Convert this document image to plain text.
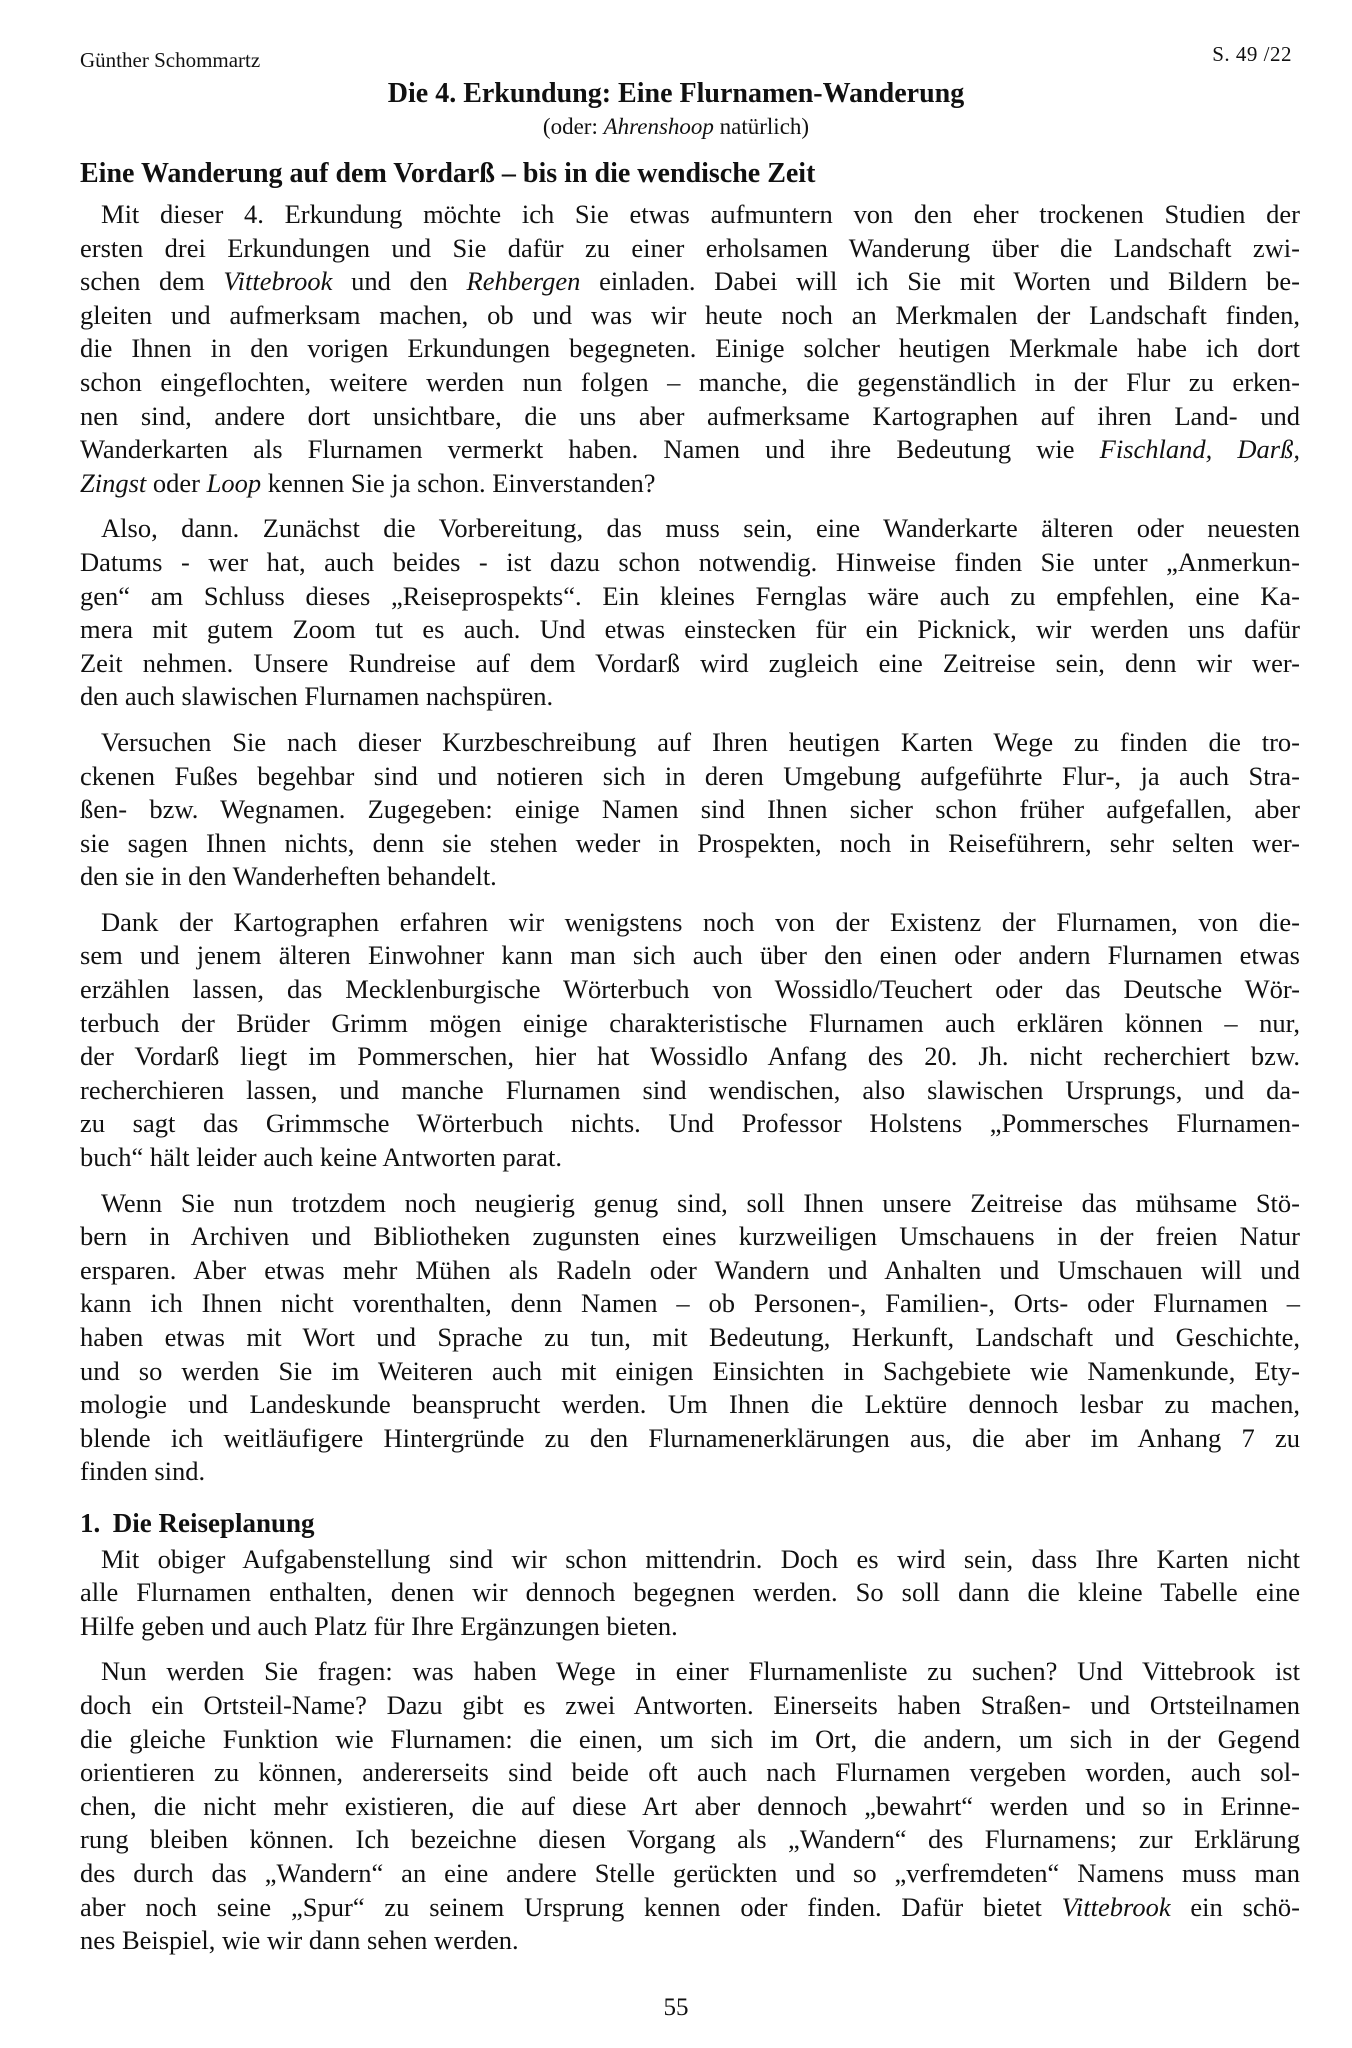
Günther Schommartz	S. 49 /22
Die 4. Erkundung: Eine Flurnamen-Wanderung
(oder: Ahrenshoop natürlich)
Eine Wanderung auf dem Vordarß – bis in die wendische Zeit
Mit dieser 4. Erkundung möchte ich Sie etwas aufmuntern von den eher trockenen Studien der
ersten drei Erkundungen und Sie dafür zu einer erholsamen Wanderung über die Landschaft zwi-
schen dem Vittebrook und den Rehbergen einladen. Dabei will ich Sie mit Worten und Bildern be-
gleiten und aufmerksam machen, ob und was wir heute noch an Merkmalen der Landschaft finden,
die Ihnen in den vorigen Erkundungen begegneten. Einige solcher heutigen Merkmale habe ich dort
schon eingeflochten, weitere werden nun folgen – manche, die gegenständlich in der Flur zu erken-
nen sind, andere dort unsichtbare, die uns aber aufmerksame Kartographen auf ihren Land- und
Wanderkarten als Flurnamen vermerkt haben. Namen und ihre Bedeutung wie Fischland, Darß,
Zingst oder Loop kennen Sie ja schon. Einverstanden?
Also, dann. Zunächst die Vorbereitung, das muss sein, eine Wanderkarte älteren oder neuesten
Datums - wer hat, auch beides - ist dazu schon notwendig. Hinweise finden Sie unter „Anmerkun-
gen“ am Schluss dieses „Reiseprospekts“. Ein kleines Fernglas wäre auch zu empfehlen, eine Ka-
mera mit gutem Zoom tut es auch. Und etwas einstecken für ein Picknick, wir werden uns dafür
Zeit nehmen. Unsere Rundreise auf dem Vordarß wird zugleich eine Zeitreise sein, denn wir wer-
den auch slawischen Flurnamen nachspüren.
Versuchen Sie nach dieser Kurzbeschreibung auf Ihren heutigen Karten Wege zu finden die tro-
ckenen Fußes begehbar sind und notieren sich in deren Umgebung aufgeführte Flur-, ja auch Stra-
ßen- bzw. Wegnamen. Zugegeben: einige Namen sind Ihnen sicher schon früher aufgefallen, aber
sie sagen Ihnen nichts, denn sie stehen weder in Prospekten, noch in Reiseführern, sehr selten wer-
den sie in den Wanderheften behandelt.
Dank der Kartographen erfahren wir wenigstens noch von der Existenz der Flurnamen, von die-
sem und jenem älteren Einwohner kann man sich auch über den einen oder andern Flurnamen etwas
erzählen lassen, das Mecklenburgische Wörterbuch von Wossidlo/Teuchert oder das Deutsche Wör-
terbuch der Brüder Grimm mögen einige charakteristische Flurnamen auch erklären können – nur,
der Vordarß liegt im Pommerschen, hier hat Wossidlo Anfang des 20. Jh. nicht recherchiert bzw.
recherchieren lassen, und manche Flurnamen sind wendischen, also slawischen Ursprungs, und da-
zu sagt das Grimmsche Wörterbuch nichts. Und Professor Holstens „Pommersches Flurnamen-
buch“ hält leider auch keine Antworten parat.
Wenn Sie nun trotzdem noch neugierig genug sind, soll Ihnen unsere Zeitreise das mühsame Stö-
bern in Archiven und Bibliotheken zugunsten eines kurzweiligen Umschauens in der freien Natur
ersparen. Aber etwas mehr Mühen als Radeln oder Wandern und Anhalten und Umschauen will und
kann ich Ihnen nicht vorenthalten, denn Namen – ob Personen-, Familien-, Orts- oder Flurnamen –
haben etwas mit Wort und Sprache zu tun, mit Bedeutung, Herkunft, Landschaft und Geschichte,
und so werden Sie im Weiteren auch mit einigen Einsichten in Sachgebiete wie Namenkunde, Ety-
mologie und Landeskunde beansprucht werden. Um Ihnen die Lektüre dennoch lesbar zu machen,
blende ich weitläufigere Hintergründe zu den Flurnamenerklärungen aus, die aber im Anhang 7 zu
finden sind.
1. Die Reiseplanung
Mit obiger Aufgabenstellung sind wir schon mittendrin. Doch es wird sein, dass Ihre Karten nicht
alle Flurnamen enthalten, denen wir dennoch begegnen werden. So soll dann die kleine Tabelle eine
Hilfe geben und auch Platz für Ihre Ergänzungen bieten.
Nun werden Sie fragen: was haben Wege in einer Flurnamenliste zu suchen? Und Vittebrook ist
doch ein Ortsteil-Name? Dazu gibt es zwei Antworten. Einerseits haben Straßen- und Ortsteilnamen
die gleiche Funktion wie Flurnamen: die einen, um sich im Ort, die andern, um sich in der Gegend
orientieren zu können, andererseits sind beide oft auch nach Flurnamen vergeben worden, auch sol-
chen, die nicht mehr existieren, die auf diese Art aber dennoch „bewahrt“ werden und so in Erinne-
rung bleiben können. Ich bezeichne diesen Vorgang als „Wandern“ des Flurnamens; zur Erklärung
des durch das „Wandern“ an eine andere Stelle gerückten und so „verfremdeten“ Namens muss man
aber noch seine „Spur“ zu seinem Ursprung kennen oder finden. Dafür bietet Vittebrook ein schö-
nes Beispiel, wie wir dann sehen werden.
55
